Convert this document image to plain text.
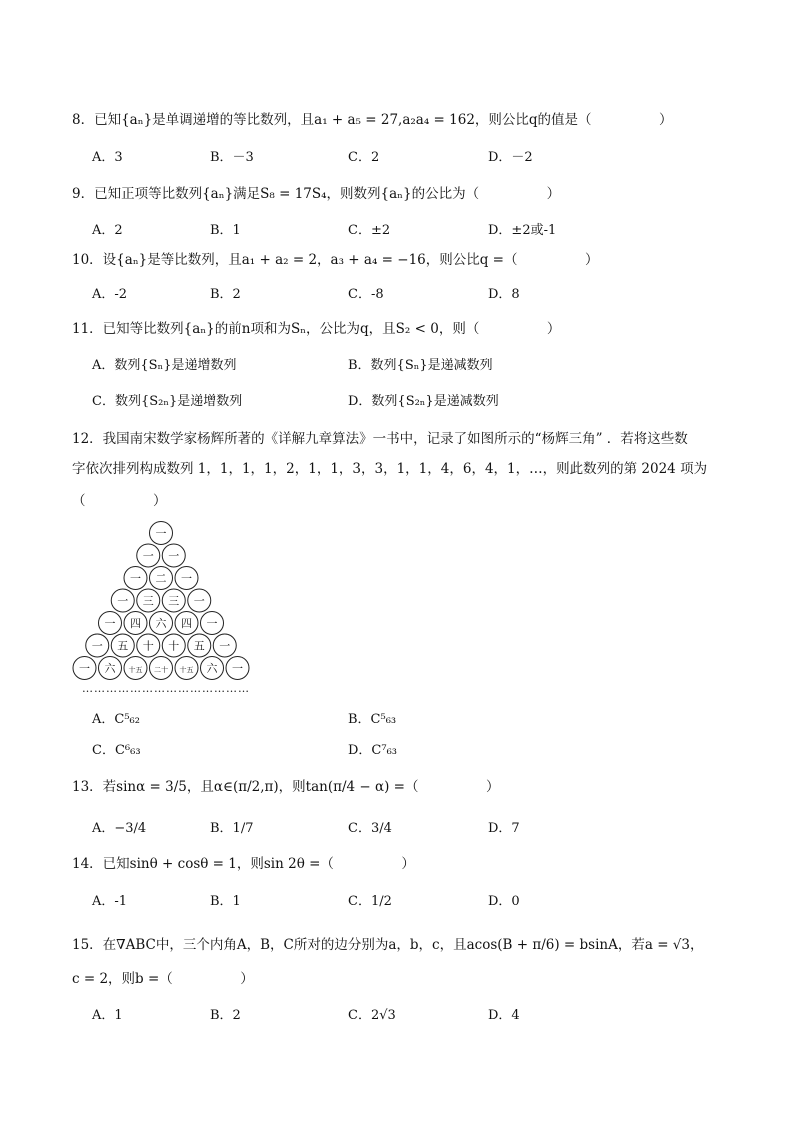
8．已知{aₙ}是单调递增的等比数列，且a₁ + a₅ = 27,a₂a₄ = 162，则公比q的值是（　　　　　）
A．3	B．－3	C．2	D．－2
9．已知正项等比数列{aₙ}满足S₈ = 17S₄，则数列{aₙ}的公比为（　　　　　）
A．2	B．1	C．±2	D．±2或-1
10．设{aₙ}是等比数列，且a₁ + a₂ = 2，a₃ + a₄ = −16，则公比q =（　　　　　）
A．-2	B．2	C．-8	D．8
11．已知等比数列{aₙ}的前n项和为Sₙ，公比为q，且S₂ < 0，则（　　　　　）
A．数列{Sₙ}是递增数列	B．数列{Sₙ}是递减数列
C．数列{S₂ₙ}是递增数列	D．数列{S₂ₙ}是递减数列
12．我国南宋数学家杨辉所著的《详解九章算法》一书中，记录了如图所示的“杨辉三角” ．若将这些数
字依次排列构成数列 1，1，1，1，2，1，1，3，3，1，1，4，6，4，1，…，则此数列的第 2024 项为
（　　　　　）
一
一 一
一 二 一
一 三 三 一
一 四 六 四 一
一 五 十 十 五 一
一 六 十五 二十 十五 六 一
……………………………………
A．C⁵₆₂	B．C⁵₆₃
C．C⁶₆₃	D．C⁷₆₃
13．若sinα = 3/5，且α∈(π/2,π)，则tan(π/4 − α) =（　　　　　）
A．−3/4	B．1/7	C．3/4	D．7
14．已知sinθ + cosθ = 1，则sin 2θ =（　　　　　）
A．-1	B．1	C．1/2	D．0
15．在∇ABC中，三个内角A，B，C所对的边分别为a，b，c，且acos(B + π/6) = bsinA，若a = √3，
c = 2，则b =（　　　　　）
A．1	B．2	C．2√3	D．4
